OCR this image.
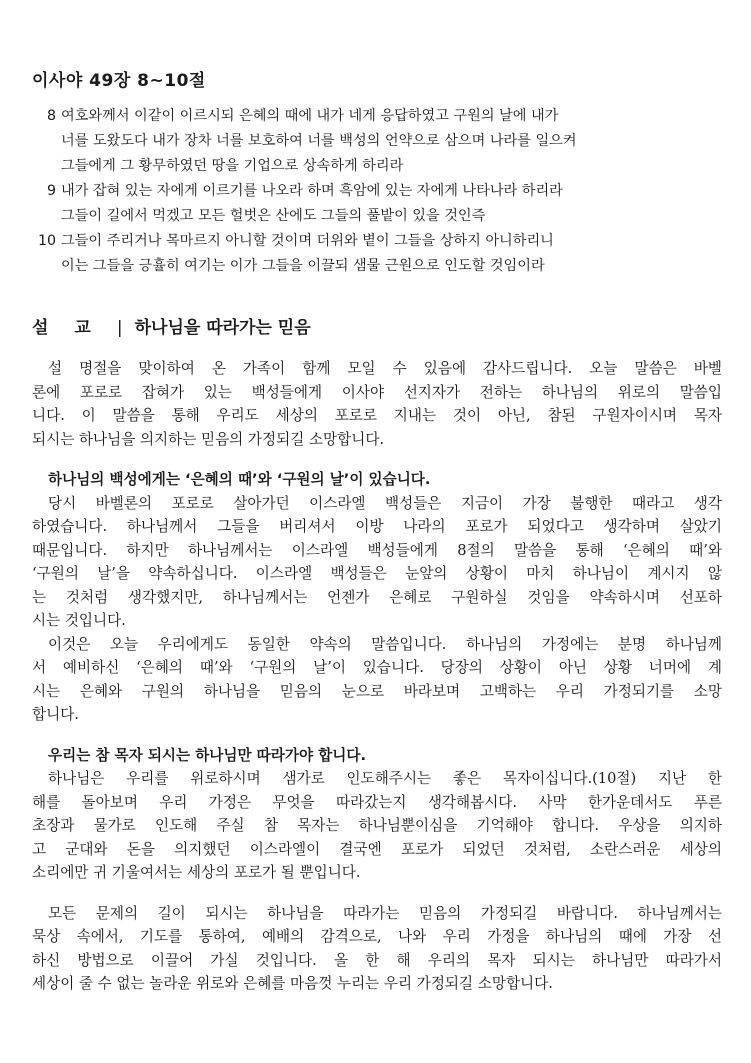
이사야 49장 8~10절
8 여호와께서 이같이 이르시되 은혜의 때에 내가 네게 응답하였고 구원의 날에 내가
너를 도왔도다 내가 장차 너를 보호하여 너를 백성의 언약으로 삼으며 나라를 일으켜
그들에게 그 황무하였던 땅을 기업으로 상속하게 하리라
9 내가 잡혀 있는 자에게 이르기를 나오라 하며 흑암에 있는 자에게 나타나라 하리라
그들이 길에서 먹겠고 모든 헐벗은 산에도 그들의 풀밭이 있을 것인즉
10 그들이 주리거나 목마르지 아니할 것이며 더위와 볕이 그들을 상하지 아니하리니
이는 그들을 긍휼히 여기는 이가 그들을 이끌되 샘물 근원으로 인도할 것임이라
설교| 하나님을 따라가는 믿음
설 명절을 맞이하여 온 가족이 함께 모일 수 있음에 감사드립니다. 오늘 말씀은 바벨
론에 포로로 잡혀가 있는 백성들에게 이사야 선지자가 전하는 하나님의 위로의 말씀입
니다. 이 말씀을 통해 우리도 세상의 포로로 지내는 것이 아닌, 참된 구원자이시며 목자
되시는 하나님을 의지하는 믿음의 가정되길 소망합니다.
하나님의 백성에게는 ‘은혜의 때’와 ‘구원의 날’이 있습니다.
당시 바벨론의 포로로 살아가던 이스라엘 백성들은 지금이 가장 불행한 때라고 생각
하였습니다. 하나님께서 그들을 버리셔서 이방 나라의 포로가 되었다고 생각하며 살았기
때문입니다. 하지만 하나님께서는 이스라엘 백성들에게 8절의 말씀을 통해 ‘은혜의 때’와
‘구원의 날’을 약속하십니다. 이스라엘 백성들은 눈앞의 상황이 마치 하나님이 계시지 않
는 것처럼 생각했지만, 하나님께서는 언젠가 은혜로 구원하실 것임을 약속하시며 선포하
시는 것입니다.
이것은 오늘 우리에게도 동일한 약속의 말씀입니다. 하나님의 가정에는 분명 하나님께
서 예비하신 ‘은혜의 때’와 ‘구원의 날’이 있습니다. 당장의 상황이 아닌 상황 너머에 계
시는 은혜와 구원의 하나님을 믿음의 눈으로 바라보며 고백하는 우리 가정되기를 소망
합니다.
우리는 참 목자 되시는 하나님만 따라가야 합니다.
하나님은 우리를 위로하시며 샘가로 인도해주시는 좋은 목자이십니다.(10절) 지난 한
해를 돌아보며 우리 가정은 무엇을 따라갔는지 생각해봅시다. 사막 한가운데서도 푸른
초장과 물가로 인도해 주실 참 목자는 하나님뿐이심을 기억해야 합니다. 우상을 의지하
고 군대와 돈을 의지했던 이스라엘이 결국엔 포로가 되었던 것처럼, 소란스러운 세상의
소리에만 귀 기울여서는 세상의 포로가 될 뿐입니다.
모든 문제의 길이 되시는 하나님을 따라가는 믿음의 가정되길 바랍니다. 하나님께서는
묵상 속에서, 기도를 통하여, 예배의 감격으로, 나와 우리 가정을 하나님의 때에 가장 선
하신 방법으로 이끌어 가실 것입니다. 올 한 해 우리의 목자 되시는 하나님만 따라가서
세상이 줄 수 없는 놀라운 위로와 은혜를 마음껏 누리는 우리 가정되길 소망합니다.
